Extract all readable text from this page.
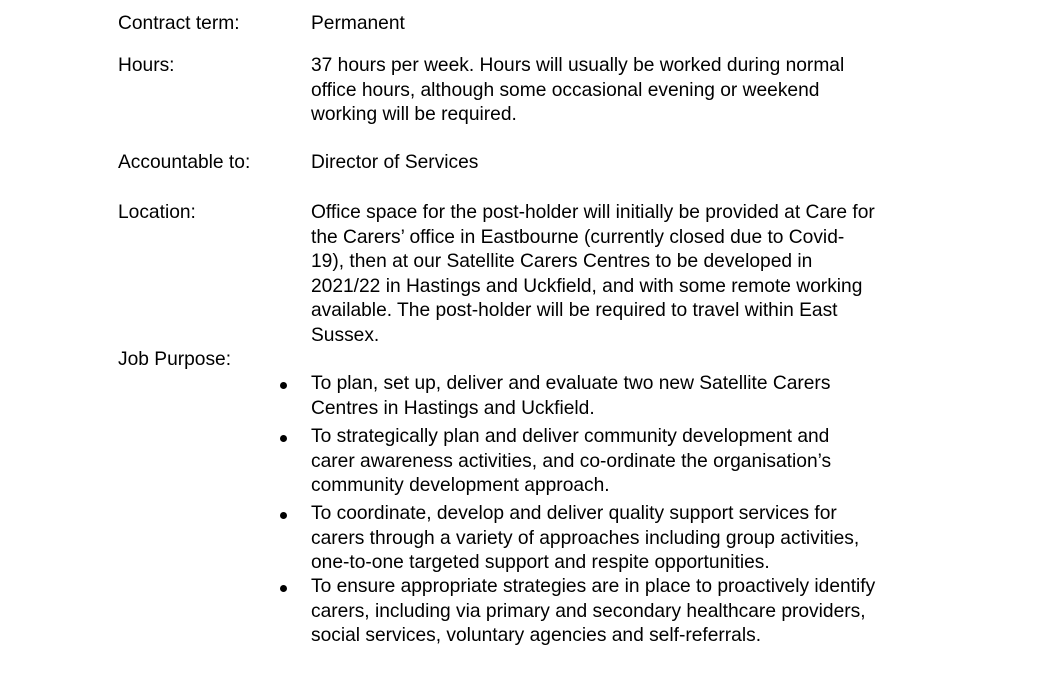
Contract term:	Permanent
Hours:	37 hours per week. Hours will usually be worked during normal
office hours, although some occasional evening or weekend
working will be required.
Accountable to:	Director of Services
Location:	Office space for the post-holder will initially be provided at Care for
the Carers’ office in Eastbourne (currently closed due to Covid-
19), then at our Satellite Carers Centres to be developed in
2021/22 in Hastings and Uckfield, and with some remote working
available. The post-holder will be required to travel within East
Sussex.
Job Purpose:
To plan, set up, deliver and evaluate two new Satellite Carers
Centres in Hastings and Uckfield.
To strategically plan and deliver community development and
carer awareness activities, and co-ordinate the organisation’s
community development approach.
To coordinate, develop and deliver quality support services for
carers through a variety of approaches including group activities,
one-to-one targeted support and respite opportunities.
To ensure appropriate strategies are in place to proactively identify
carers, including via primary and secondary healthcare providers,
social services, voluntary agencies and self-referrals.
